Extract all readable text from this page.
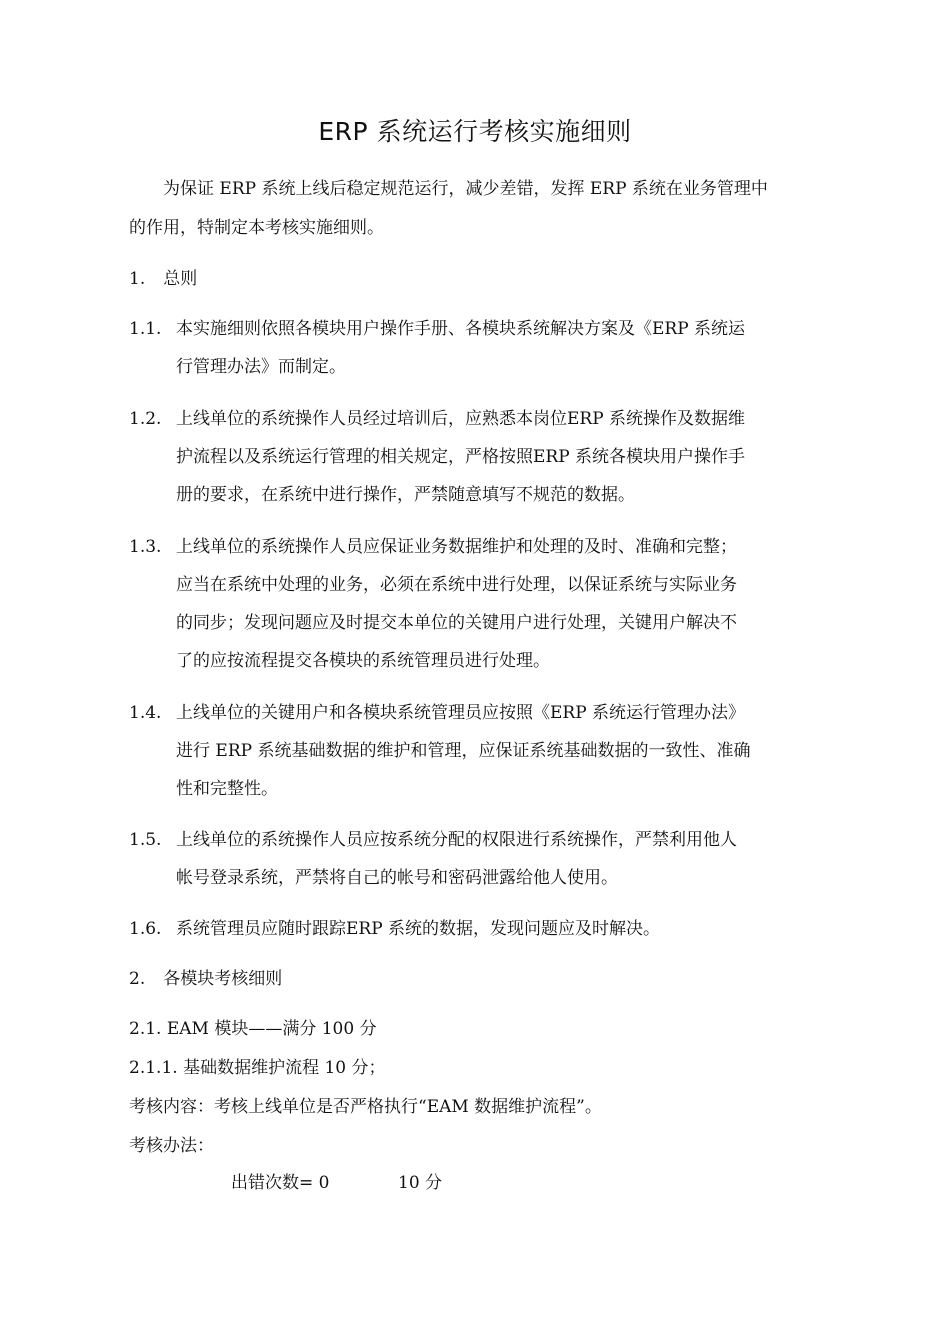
ERP 系统运行考核实施细则
为保证 ERP 系统上线后稳定规范运行，减少差错，发挥 ERP 系统在业务管理中
的作用，特制定本考核实施细则。
1. 总则
1.1. 本实施细则依照各模块用户操作手册、各模块系统解决方案及《ERP 系统运
行管理办法》而制定。
1.2. 上线单位的系统操作人员经过培训后，应熟悉本岗位ERP 系统操作及数据维
护流程以及系统运行管理的相关规定，严格按照ERP 系统各模块用户操作手
册的要求，在系统中进行操作，严禁随意填写不规范的数据。
1.3. 上线单位的系统操作人员应保证业务数据维护和处理的及时、准确和完整；
应当在系统中处理的业务，必须在系统中进行处理，以保证系统与实际业务
的同步；发现问题应及时提交本单位的关键用户进行处理，关键用户解决不
了的应按流程提交各模块的系统管理员进行处理。
1.4. 上线单位的关键用户和各模块系统管理员应按照《ERP 系统运行管理办法》
进行 ERP 系统基础数据的维护和管理，应保证系统基础数据的一致性、准确
性和完整性。
1.5. 上线单位的系统操作人员应按系统分配的权限进行系统操作，严禁利用他人
帐号登录系统，严禁将自己的帐号和密码泄露给他人使用。
1.6. 系统管理员应随时跟踪ERP 系统的数据，发现问题应及时解决。
2. 各模块考核细则
2.1. EAM 模块——满分 100 分
2.1.1. 基础数据维护流程 10 分；
考核内容：考核上线单位是否严格执行“EAM 数据维护流程”。
考核办法：
出错次数= 0	10 分
